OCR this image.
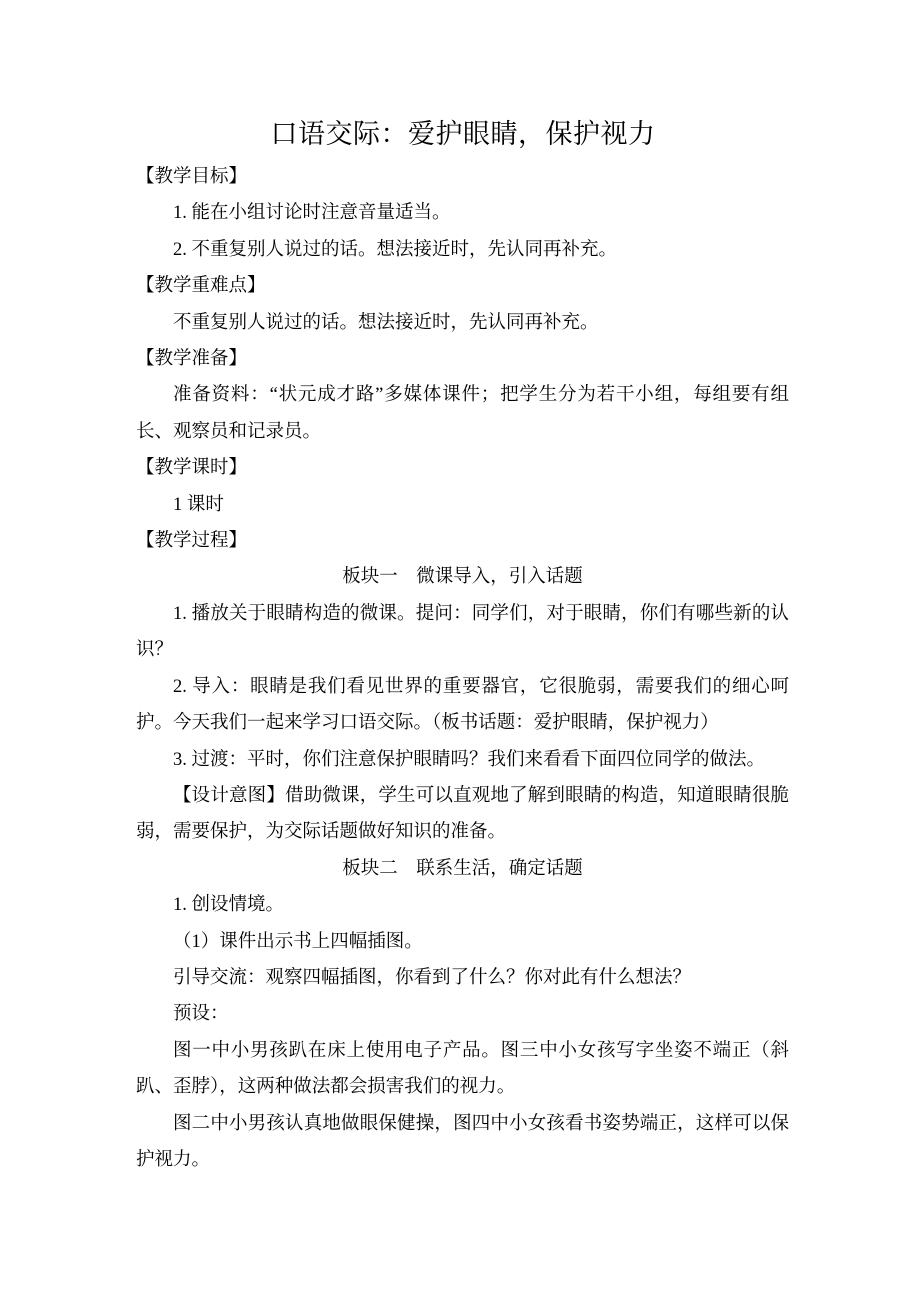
口语交际：爱护眼睛，保护视力

【教学目标】

1. 能在小组讨论时注意音量适当。

2. 不重复别人说过的话。想法接近时，先认同再补充。

【教学重难点】

不重复别人说过的话。想法接近时，先认同再补充。

【教学准备】

准备资料：“状元成才路”多媒体课件；把学生分为若干小组，每组要有组长、观察员和记录员。

【教学课时】

1 课时

【教学过程】

板块一　微课导入，引入话题

1. 播放关于眼睛构造的微课。提问：同学们，对于眼睛，你们有哪些新的认识？

2. 导入：眼睛是我们看见世界的重要器官，它很脆弱，需要我们的细心呵护。今天我们一起来学习口语交际。（板书话题：爱护眼睛，保护视力）

3. 过渡：平时，你们注意保护眼睛吗？我们来看看下面四位同学的做法。

【设计意图】借助微课，学生可以直观地了解到眼睛的构造，知道眼睛很脆弱，需要保护，为交际话题做好知识的准备。

板块二　联系生活，确定话题

1. 创设情境。

（1）课件出示书上四幅插图。

引导交流：观察四幅插图，你看到了什么？你对此有什么想法？

预设：

图一中小男孩趴在床上使用电子产品。图三中小女孩写字坐姿不端正（斜趴、歪脖），这两种做法都会损害我们的视力。

图二中小男孩认真地做眼保健操，图四中小女孩看书姿势端正，这样可以保护视力。
